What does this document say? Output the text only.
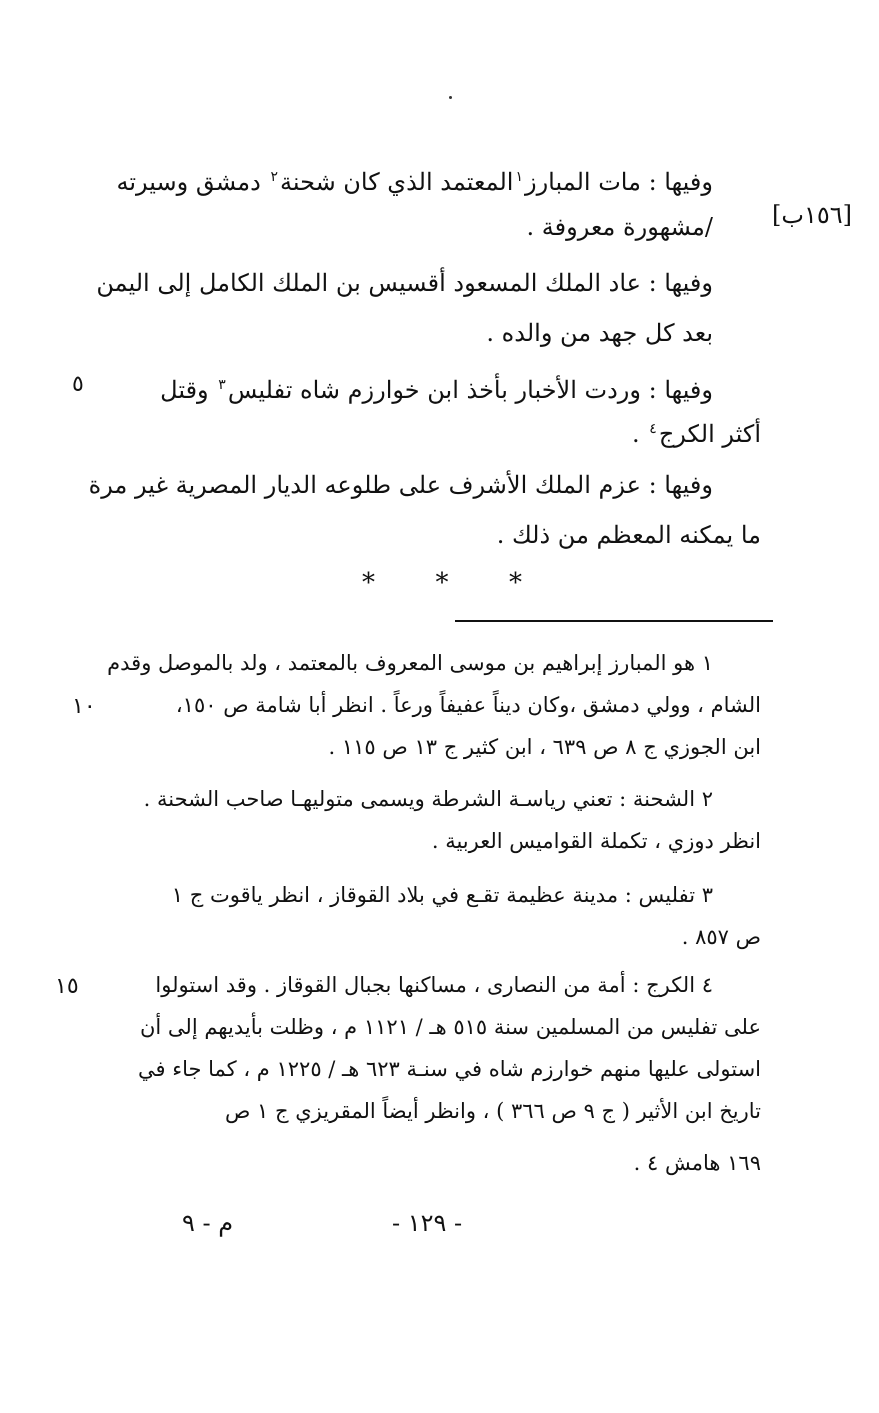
وفيها : مات المبارز$^١$المعتمد الذي كان شحنة$^٢$ دمشق وسيرته
[١٥٦ب]
/مشهورة معروفة .
وفيها : عاد الملك المسعود أقسيس بن الملك الكامل إلى اليمن
بعد كل جهد من والده .
وفيها : وردت الأخبار بأخذ ابن خوارزم شاه تفليس$^٣$ وقتل
٥
أكثر الكرج$^٤$ .
وفيها : عزم الملك الأشرف على طلوعه الديار المصرية غير مرة
ما يمكنه المعظم من ذلك .
* * *
١ هو المبارز إبراهيم بن موسى المعروف بالمعتمد ، ولد بالموصل وقدم
الشام ، وولي دمشق ،وكان ديناً عفيفاً ورعاً . انظر أبا شامة ص ١٥٠،
١٠
ابن الجوزي ج ٨ ص ٦٣٩ ، ابن كثير ج ١٣ ص ١١٥ .
٢ الشحنة : تعني رياسـة الشرطة ويسمى متوليهـا صاحب الشحنة .
انظر دوزي ، تكملة القواميس العربية .
٣ تفليس : مدينة عظيمة تقـع في بلاد القوقاز ، انظر ياقوت ج ١
ص ٨٥٧ .
٤ الكرج : أمة من النصارى ، مساكنها بجبال القوقاز . وقد استولوا
١٥
على تفليس من المسلمين سنة ٥١٥ هـ / ١١٢١ م ، وظلت بأيديهم إلى أن
استولى عليها منهم خوارزم شاه في سنـة ٦٢٣ هـ / ١٢٢٥ م ، كما جاء في
تاريخ ابن الأثير ( ج ٩ ص ٣٦٦ ) ، وانظر أيضاً المقريزي ج ١ ص
١٦٩ هامش ٤ .
- ١٢٩ -
م - ٩
